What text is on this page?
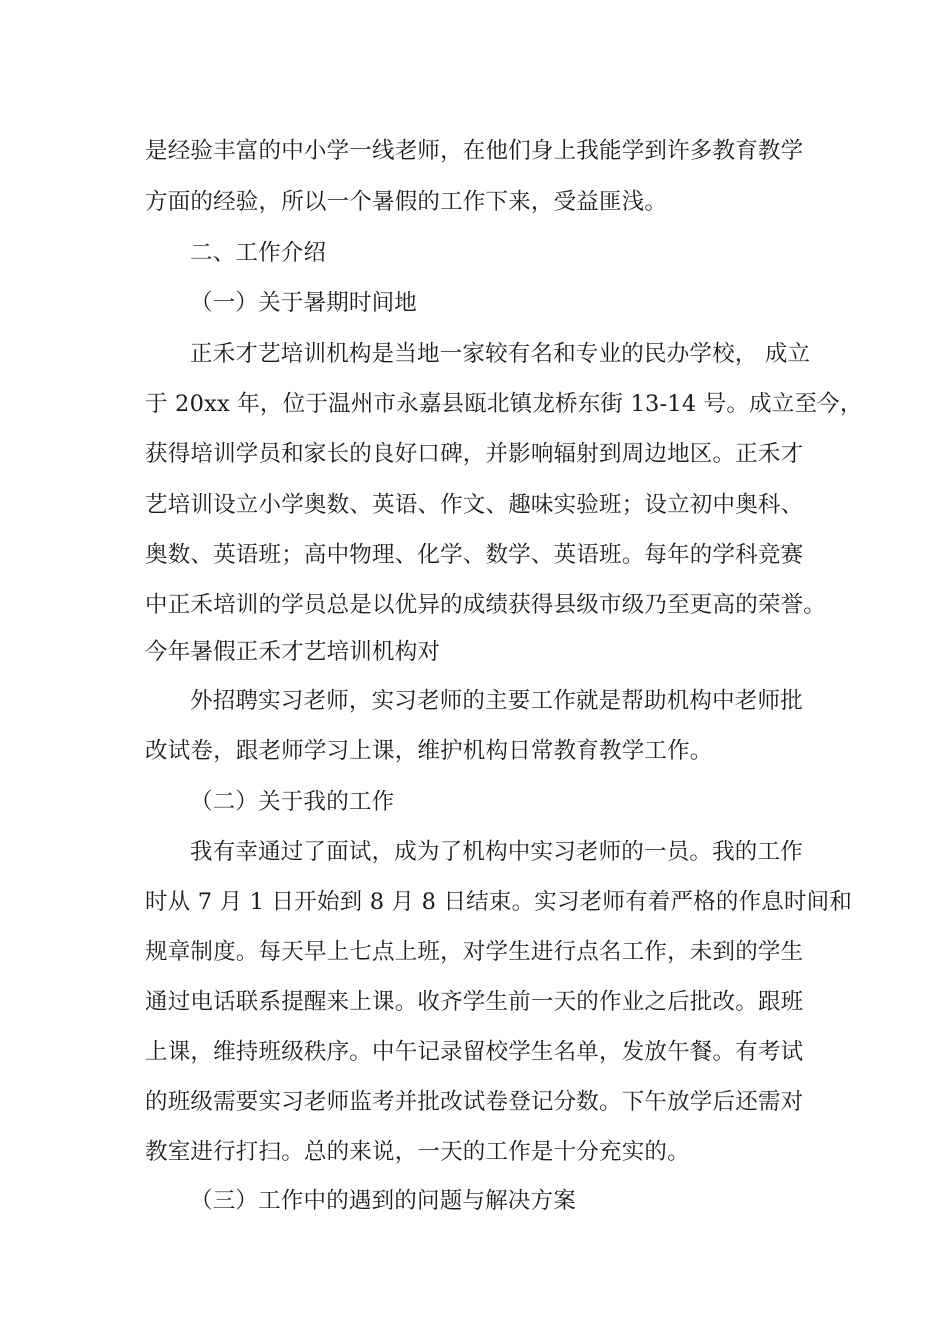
是经验丰富的中小学一线老师，在他们身上我能学到许多教育教学
方面的经验，所以一个暑假的工作下来，受益匪浅。
二、工作介绍
（一）关于暑期时间地
正禾才艺培训机构是当地一家较有名和专业的民办学校， 成立
于 20xx 年，位于温州市永嘉县瓯北镇龙桥东街 13-14 号。成立至今，
获得培训学员和家长的良好口碑，并影响辐射到周边地区。正禾才
艺培训设立小学奥数、英语、作文、趣味实验班；设立初中奥科、
奥数、英语班；高中物理、化学、数学、英语班。每年的学科竞赛
中正禾培训的学员总是以优异的成绩获得县级市级乃至更高的荣誉。
今年暑假正禾才艺培训机构对
外招聘实习老师，实习老师的主要工作就是帮助机构中老师批
改试卷，跟老师学习上课，维护机构日常教育教学工作。
（二）关于我的工作
我有幸通过了面试，成为了机构中实习老师的一员。我的工作
时从 7 月 1 日开始到 8 月 8 日结束。实习老师有着严格的作息时间和
规章制度。每天早上七点上班，对学生进行点名工作，未到的学生
通过电话联系提醒来上课。收齐学生前一天的作业之后批改。跟班
上课，维持班级秩序。中午记录留校学生名单，发放午餐。有考试
的班级需要实习老师监考并批改试卷登记分数。下午放学后还需对
教室进行打扫。总的来说，一天的工作是十分充实的。
（三）工作中的遇到的问题与解决方案
